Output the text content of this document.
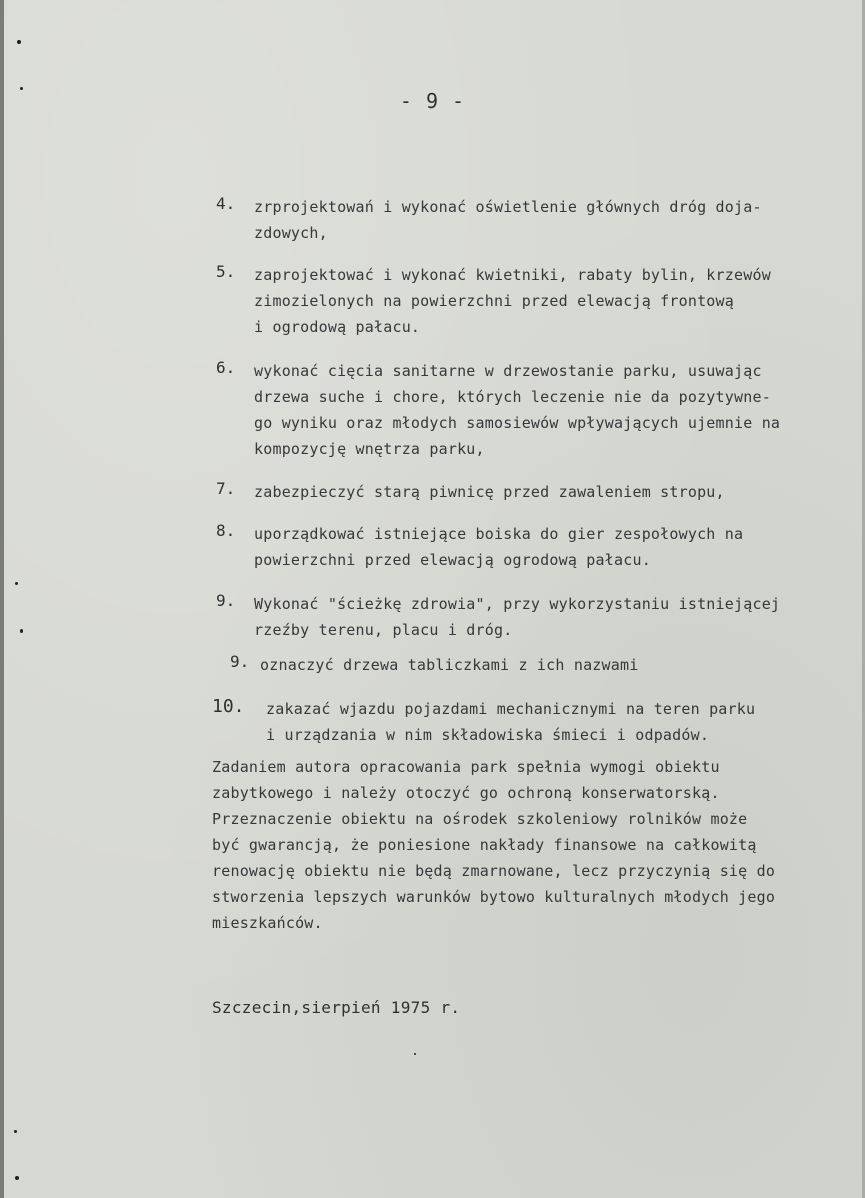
- 9 -
4. zrprojektowań i wykonać oświetlenie głównych dróg doja-
zdowych,
5. zaprojektować i wykonać kwietniki, rabaty bylin, krzewów
zimozielonych na powierzchni przed elewacją frontową
i ogrodową pałacu.
6. wykonać cięcia sanitarne w drzewostanie parku, usuwając
drzewa suche i chore, których leczenie nie da pozytywne-
go wyniku oraz młodych samosiewów wpływających ujemnie na
kompozycję wnętrza parku,
7. zabezpieczyć starą piwnicę przed zawaleniem stropu,
8. uporządkować istniejące boiska do gier zespołowych na
powierzchni przed elewacją ogrodową pałacu.
9. Wykonać "ścieżkę zdrowia", przy wykorzystaniu istniejącej
rzeźby terenu, placu i dróg.
9. oznaczyć drzewa tabliczkami z ich nazwami
10. zakazać wjazdu pojazdami mechanicznymi na teren parku
i urządzania w nim składowiska śmieci i odpadów.
Zadaniem autora opracowania park spełnia wymogi obiektu
zabytkowego i należy otoczyć go ochroną konserwatorską.
Przeznaczenie obiektu na ośrodek szkoleniowy rolników może
być gwarancją, że poniesione nakłady finansowe na całkowitą
renowację obiektu nie będą zmarnowane, lecz przyczynią się do
stworzenia lepszych warunków bytowo kulturalnych młodych jego
mieszkańców.
Szczecin,sierpień 1975 r.
